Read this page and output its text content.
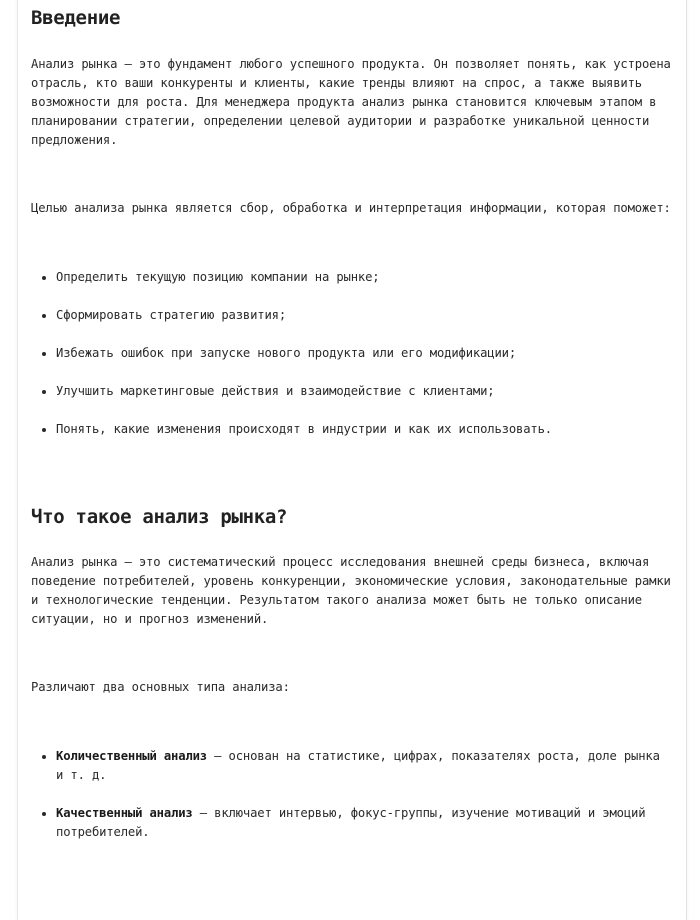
Введение

Анализ рынка — это фундамент любого успешного продукта. Он позволяет понять, как устроена отрасль, кто ваши конкуренты и клиенты, какие тренды влияют на спрос, а также выявить возможности для роста. Для менеджера продукта анализ рынка становится ключевым этапом в планировании стратегии, определении целевой аудитории и разработке уникальной ценности предложения.

Целью анализа рынка является сбор, обработка и интерпретация информации, которая поможет:

Определить текущую позицию компании на рынке;
Сформировать стратегию развития;
Избежать ошибок при запуске нового продукта или его модификации;
Улучшить маркетинговые действия и взаимодействие с клиентами;
Понять, какие изменения происходят в индустрии и как их использовать.
Что такое анализ рынка?

Анализ рынка — это систематический процесс исследования внешней среды бизнеса, включая поведение потребителей, уровень конкуренции, экономические условия, законодательные рамки и технологические тенденции. Результатом такого анализа может быть не только описание ситуации, но и прогноз изменений.

Различают два основных типа анализа:

Количественный анализ — основан на статистике, цифрах, показателях роста, доле рынка и т. д.
Качественный анализ — включает интервью, фокус-группы, изучение мотиваций и эмоций потребителей.
